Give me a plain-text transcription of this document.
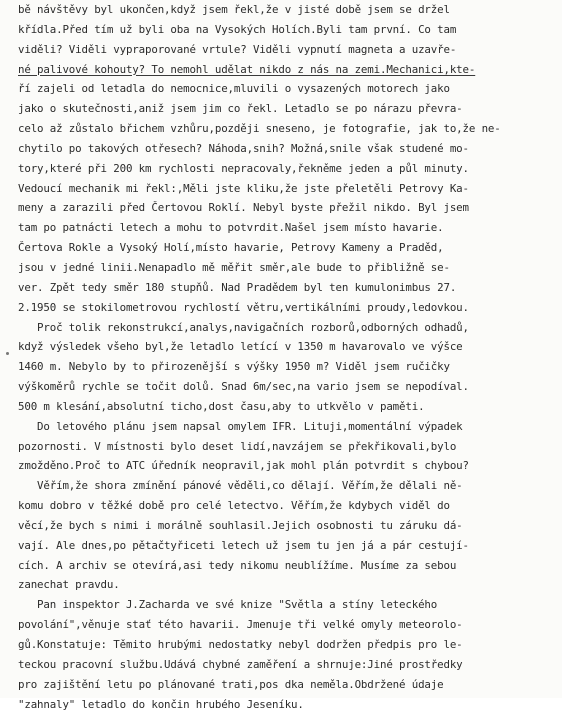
bě návštěvy byl ukončen,když jsem řekl,že v jisté době jsem se držel
křídla.Před tím už byli oba na Vysokých Holích.Byli tam první. Co tam
viděli? Viděli vypraporované vrtule? Viděli vypnutí magneta a uzavře-
né palivové kohouty? To nemohl udělat nikdo z nás na zemi.Mechanici,kte-
ří zajeli od letadla do nemocnice,mluvili o vysazených motorech jako
jako o skutečnosti,aniž jsem jim co řekl. Letadlo se po nárazu převra-
celo až zůstalo břichem vzhůru,později sneseno, je fotografie, jak to,že ne-
chytilo po takových otřesech? Náhoda,snih? Možná,snile však studené mo-
tory,které při 200 km rychlosti nepracovaly,řekněme jeden a půl minuty.
Vedoucí mechanik mi řekl:,Měli jste kliku,že jste přeletěli Petrovy Ka-
meny a zarazili před Čertovou Roklí. Nebyl byste přežil nikdo. Byl jsem
tam po patnácti letech a mohu to potvrdit.Našel jsem místo havarie.
Čertova Rokle a Vysoký Holí,místo havarie, Petrovy Kameny a Praděd,
jsou v jedné linii.Nenapadlo mě měřit směr,ale bude to přibližně se-
ver. Zpět tedy směr 180 stupňů. Nad Pradědem byl ten kumulonimbus 27.
2.1950 se stokilometrovou rychlostí větru,vertikálními proudy,ledovkou.
Proč tolik rekonstrukcí,analys,navigačních rozborů,odborných odhadů,
když výsledek všeho byl,že letadlo letící v 1350 m havarovalo ve výšce
1460 m. Nebylo by to přirozenější s výšky 1950 m? Viděl jsem ručičky
výškoměrů rychle se točit dolů. Snad 6m/sec,na vario jsem se nepodíval.
500 m klesání,absolutní ticho,dost času,aby to utkvělo v paměti.
Do letového plánu jsem napsal omylem IFR. Lituji,momentální výpadek
pozornosti. V místnosti bylo deset lidí,navzájem se překřikovali,bylo
zmožděno.Proč to ATC úředník neopravil,jak mohl plán potvrdit s chybou?
Věřím,že shora zmínění pánové věděli,co dělají. Věřím,že dělali ně-
komu dobro v těžké době pro celé letectvo. Věřím,že kdybych viděl do
věcí,že bych s nimi i morálně souhlasil.Jejich osobnosti tu záruku dá-
vají. Ale dnes,po pětačtyřiceti letech už jsem tu jen já a pár cestují-
cích. A archiv se otevírá,asi tedy nikomu neublížíme. Musíme za sebou
zanechat pravdu.
Pan inspektor J.Zacharda ve své knize "Světla a stíny leteckého
povolání",věnuje stať této havarii. Jmenuje tři velké omyly meteorolo-
gů.Konstatuje: Těmito hrubými nedostatky nebyl dodržen předpis pro le-
teckou pracovní službu.Udává chybné zaměření a shrnuje:Jiné prostředky
pro zajištění letu po plánované trati,pos dka neměla.Obdržené údaje
"zahnaly" letadlo do končin hrubého Jeseníku.
